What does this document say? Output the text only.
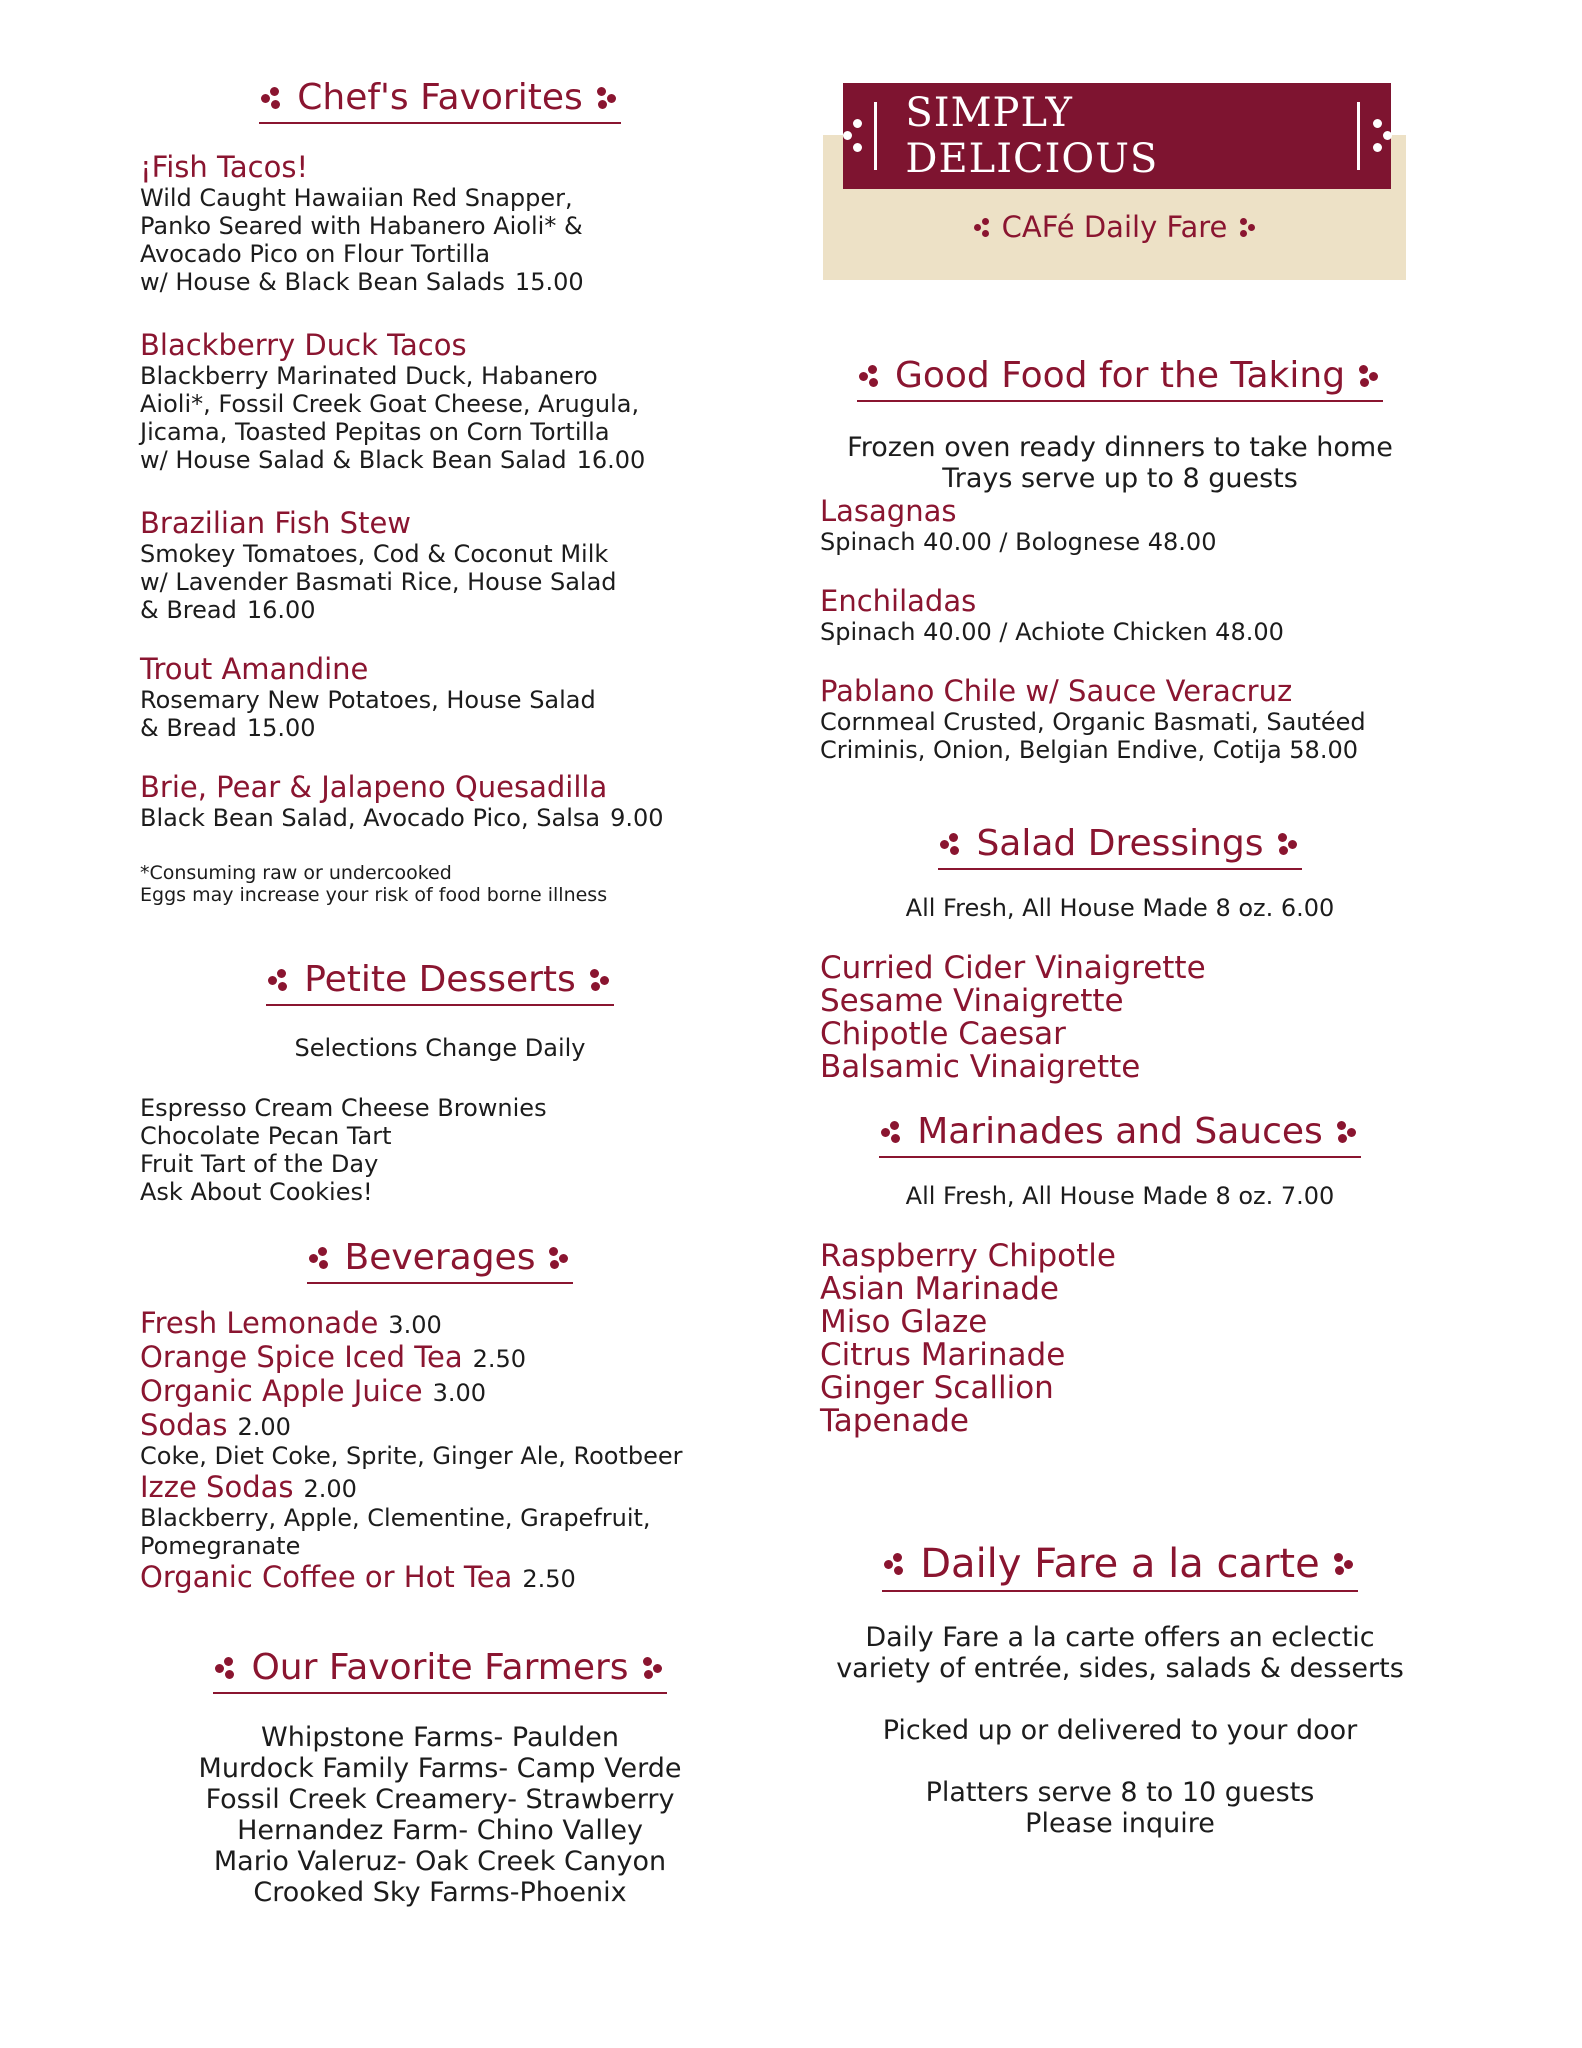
Chef's Favorites
¡Fish Tacos!
Wild Caught Hawaiian Red Snapper,
Panko Seared with Habanero Aioli* &
Avocado Pico on Flour Tortilla
w/ House & Black Bean Salads 15.00
Blackberry Duck Tacos
Blackberry Marinated Duck, Habanero
Aioli*, Fossil Creek Goat Cheese, Arugula,
Jicama, Toasted Pepitas on Corn Tortilla
w/ House Salad & Black Bean Salad 16.00
Brazilian Fish Stew
Smokey Tomatoes, Cod & Coconut Milk
w/ Lavender Basmati Rice, House Salad
& Bread 16.00
Trout Amandine
Rosemary New Potatoes, House Salad
& Bread 15.00
Brie, Pear & Jalapeno Quesadilla
Black Bean Salad, Avocado Pico, Salsa 9.00
*Consuming raw or undercooked
Eggs may increase your risk of food borne illness
Petite Desserts
Selections Change Daily
Espresso Cream Cheese Brownies
Chocolate Pecan Tart
Fruit Tart of the Day
Ask About Cookies!
Beverages
Fresh Lemonade 3.00
Orange Spice Iced Tea 2.50
Organic Apple Juice 3.00
Sodas 2.00
Coke, Diet Coke, Sprite, Ginger Ale, Rootbeer
Izze Sodas 2.00
Blackberry, Apple, Clementine, Grapefruit,
Pomegranate
Organic Coffee or Hot Tea 2.50
Our Favorite Farmers
Whipstone Farms- Paulden
Murdock Family Farms- Camp Verde
Fossil Creek Creamery- Strawberry
Hernandez Farm- Chino Valley
Mario Valeruz- Oak Creek Canyon
Crooked Sky Farms-Phoenix
SIMPLY DELICIOUS
CAFé Daily Fare
Good Food for the Taking
Frozen oven ready dinners to take home
Trays serve up to 8 guests
Lasagnas
Spinach 40.00 / Bolognese 48.00
Enchiladas
Spinach 40.00 / Achiote Chicken 48.00
Pablano Chile w/ Sauce Veracruz
Cornmeal Crusted, Organic Basmati, Sautéed
Criminis, Onion, Belgian Endive, Cotija 58.00
Salad Dressings
All Fresh, All House Made 8 oz. 6.00
Curried Cider Vinaigrette
Sesame Vinaigrette
Chipotle Caesar
Balsamic Vinaigrette
Marinades and Sauces
All Fresh, All House Made 8 oz. 7.00
Raspberry Chipotle
Asian Marinade
Miso Glaze
Citrus Marinade
Ginger Scallion
Tapenade
Daily Fare a la carte
Daily Fare a la carte offers an eclectic
variety of entrée, sides, salads & desserts
Picked up or delivered to your door
Platters serve 8 to 10 guests
Please inquire
